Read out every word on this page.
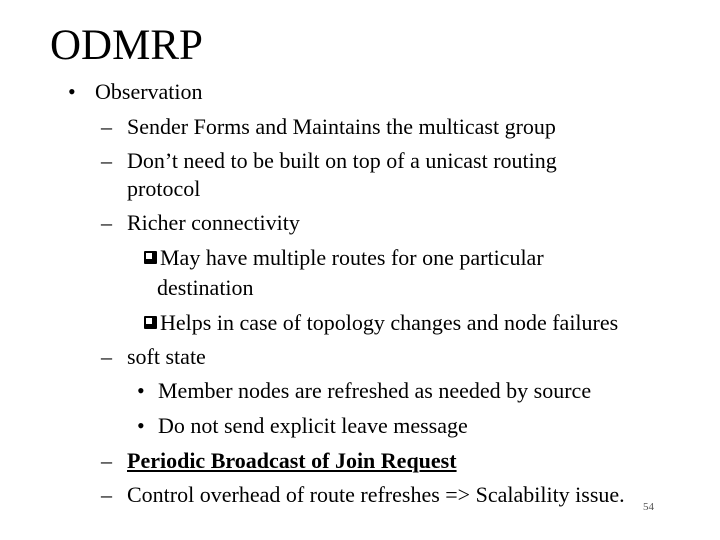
ODMRP
• Observation
– Sender Forms and Maintains the multicast group
– Don’t need to be built on top of a unicast routing
protocol
– Richer connectivity
May have multiple routes for one particular
destination
Helps in case of topology changes and node failures
– soft state
• Member nodes are refreshed as needed by source
• Do not send explicit leave message
– Periodic Broadcast of Join Request
– Control overhead of route refreshes => Scalability issue. 54
